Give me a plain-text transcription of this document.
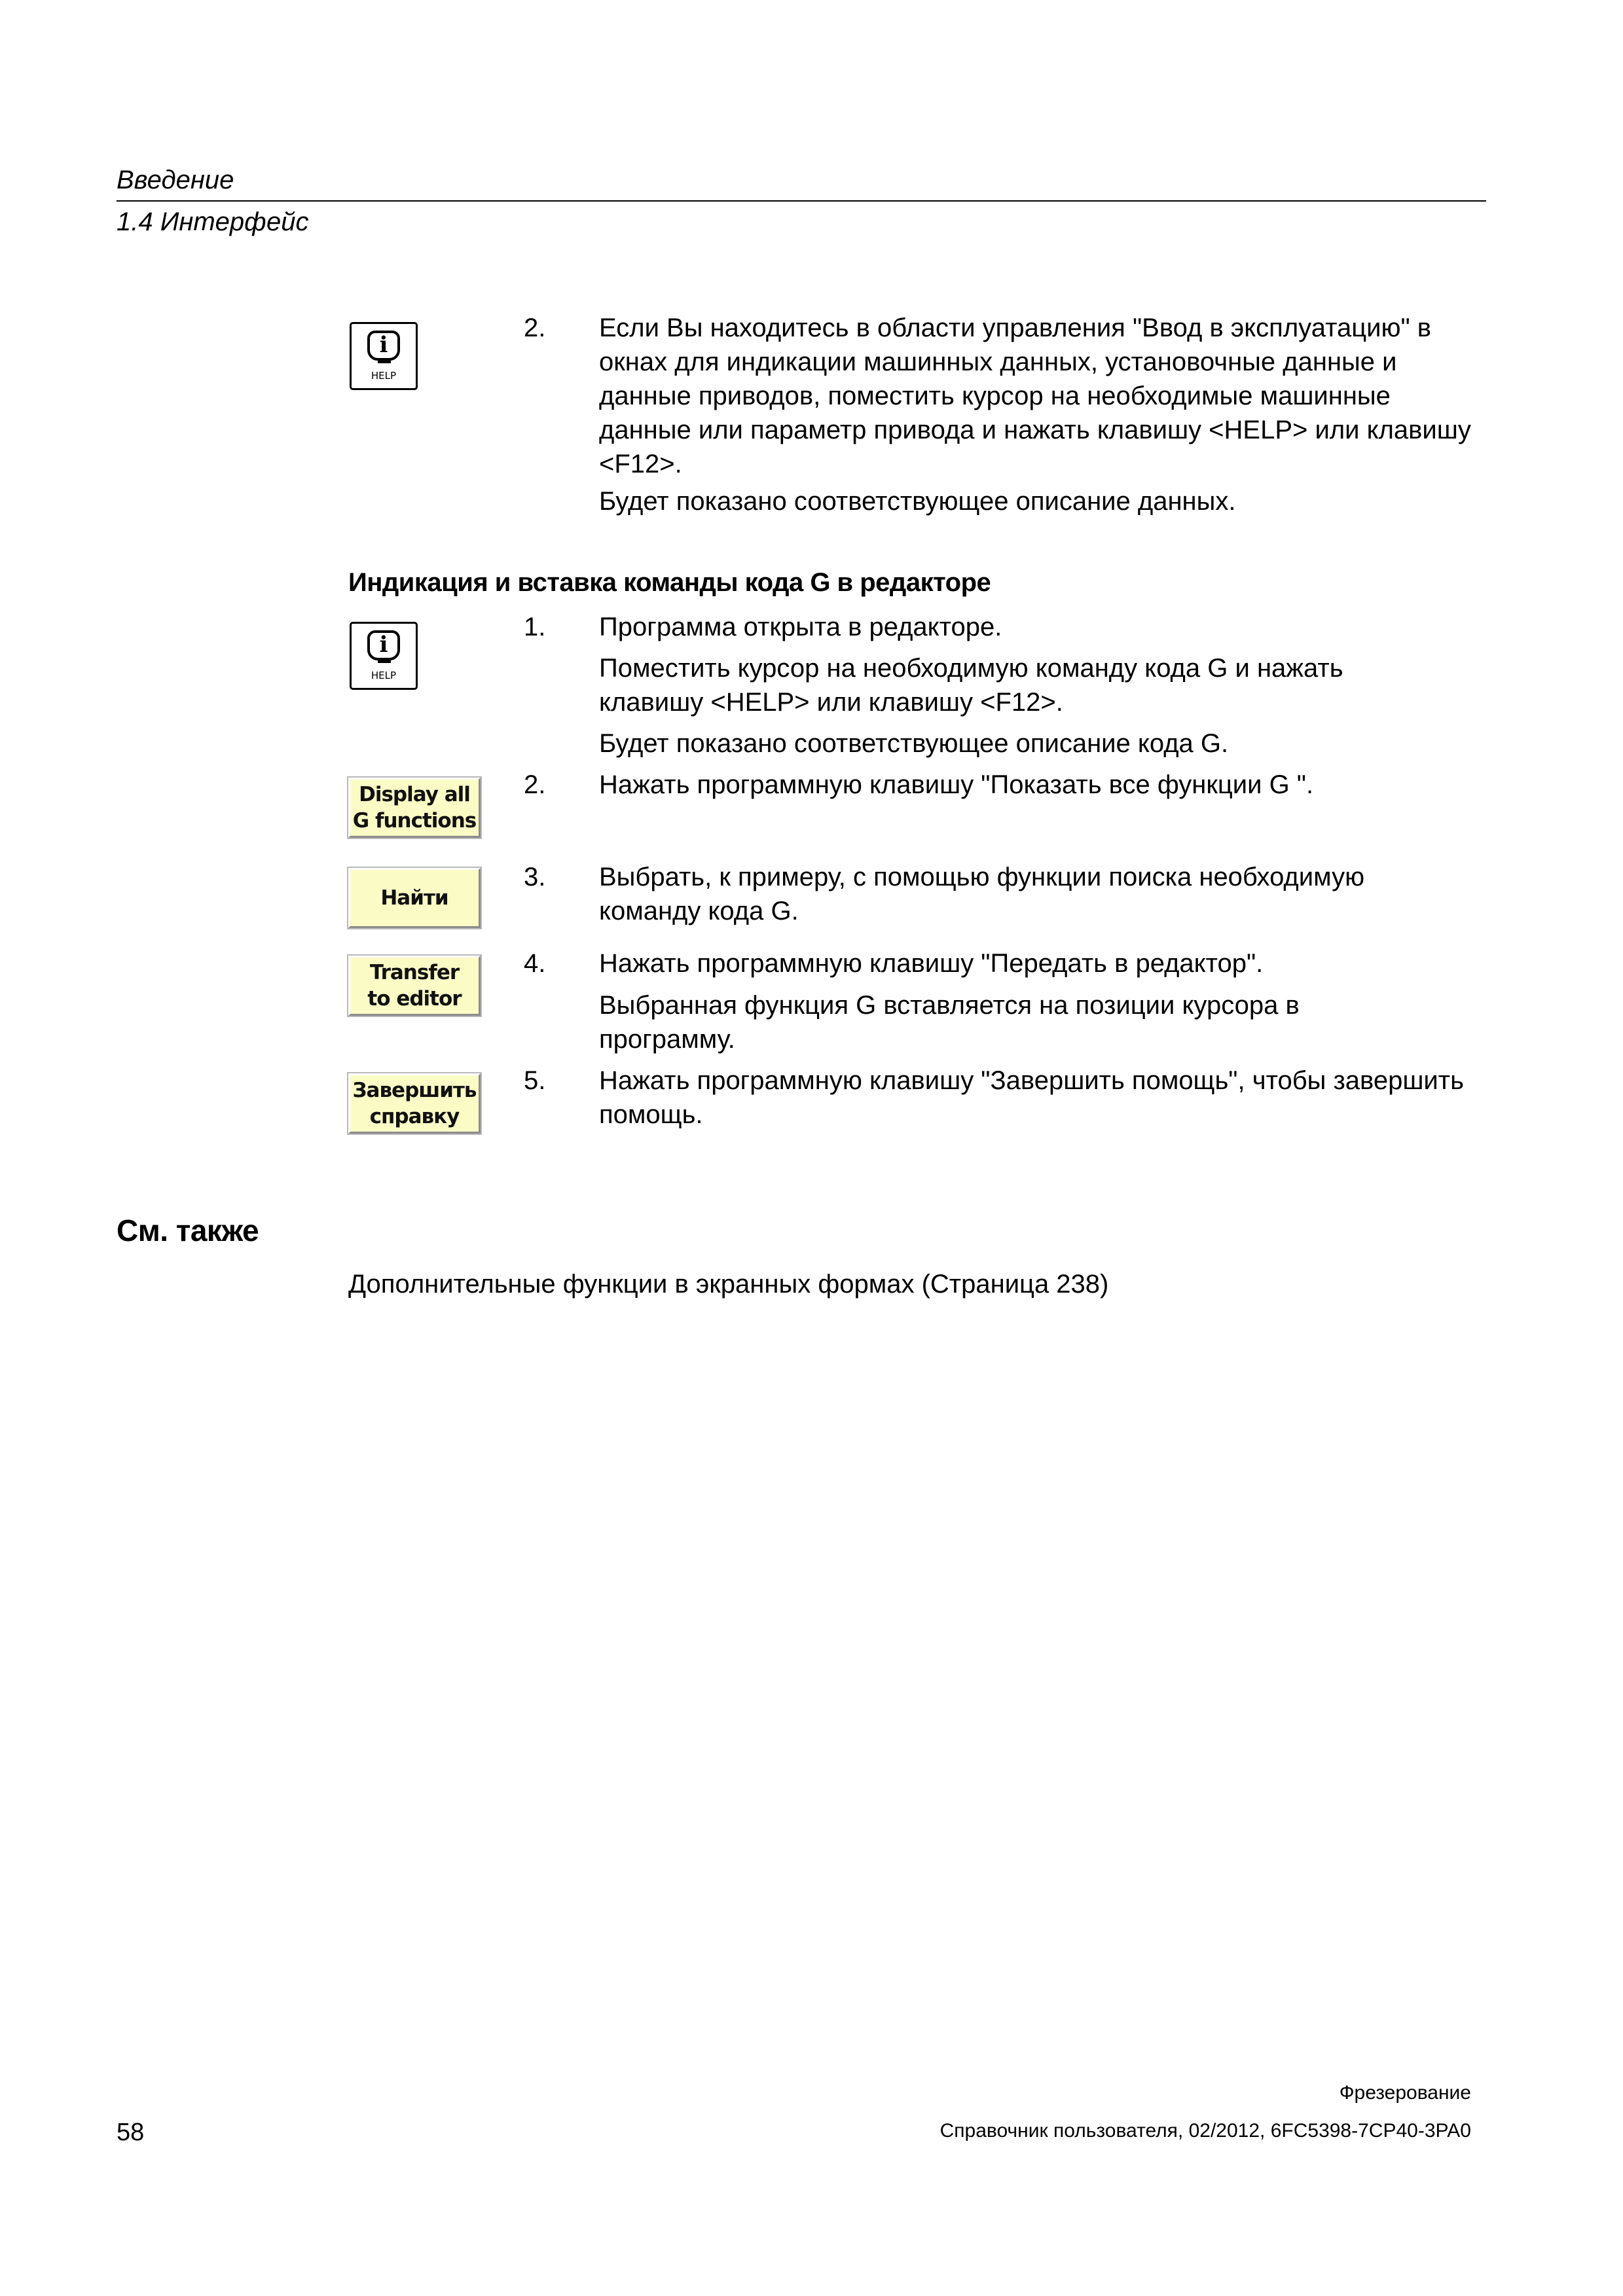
Введение
1.4 Интерфейс
i
HELP
2. Если Вы находитесь в области управления "Ввод в эксплуатацию" в окнах для индикации машинных данных, установочные данные и данные приводов, поместить курсор на необходимые машинные данные или параметр привода и нажать клавишу <HELP> или клавишу <F12>.
Будет показано соответствующее описание данных.
Индикация и вставка команды кода G в редакторе
i
HELP
1. Программа открыта в редакторе.
Поместить курсор на необходимую команду кода G и нажать клавишу <HELP> или клавишу <F12>.
Будет показано соответствующее описание кода G.
Display all
G functions
2. Нажать программную клавишу "Показать все функции G ".
Найти
3. Выбрать, к примеру, с помощью функции поиска необходимую команду кода G.
Transfer
to editor
4. Нажать программную клавишу "Передать в редактор".
Выбранная функция G вставляется на позиции курсора в программу.
Завершить
справку
5. Нажать программную клавишу "Завершить помощь", чтобы завершить помощь.
См. также
Дополнительные функции в экранных формах (Страница 238)
Фрезерование
58	Справочник пользователя, 02/2012, 6FC5398-7CP40-3PA0
